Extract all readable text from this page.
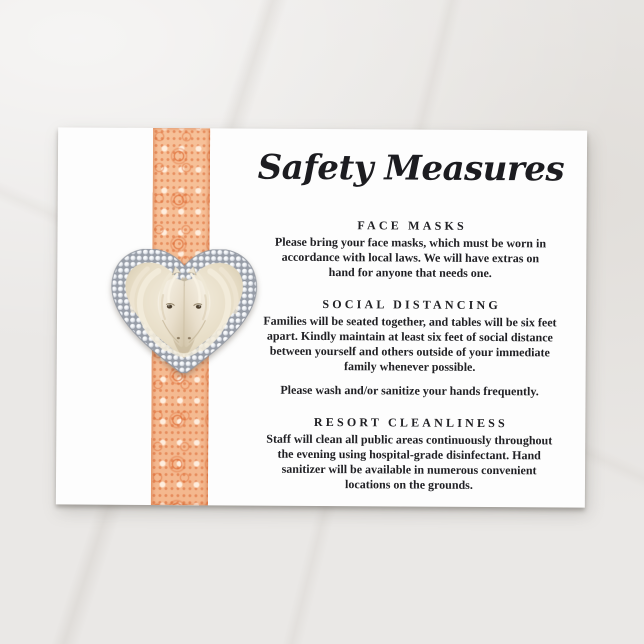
Safety Measures
FACE MASKS

Please bring your face masks, which must be worn in
accordance with local laws. We will have extras on
hand for anyone that needs one.

SOCIAL DISTANCING

Families will be seated together, and tables will be six feet
apart. Kindly maintain at least six feet of social distance
between yourself and others outside of your immediate
family whenever possible.

Please wash and/or sanitize your hands frequently.

RESORT CLEANLINESS

Staff will clean all public areas continuously throughout
the evening using hospital-grade disinfectant. Hand
sanitizer will be available in numerous convenient
locations on the grounds.
